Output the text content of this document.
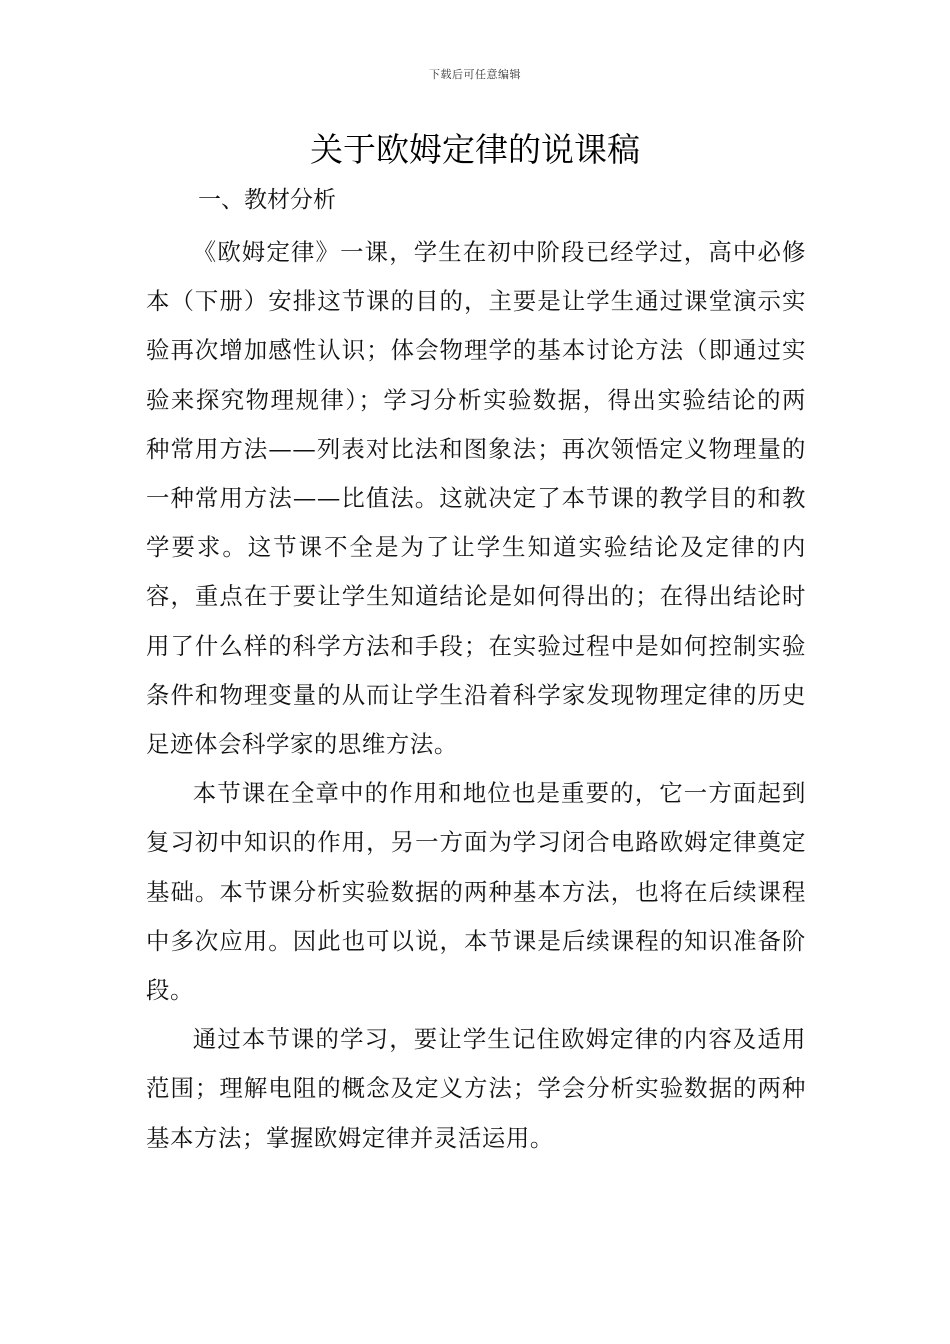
下载后可任意编辑
关于欧姆定律的说课稿
一、教材分析

《欧姆定律》一课，学生在初中阶段已经学过，高中必修本（下册）安排这节课的目的，主要是让学生通过课堂演示实验再次增加感性认识；体会物理学的基本讨论方法（即通过实验来探究物理规律）；学习分析实验数据，得出实验结论的两种常用方法——列表对比法和图象法；再次领悟定义物理量的一种常用方法——比值法。这就决定了本节课的教学目的和教学要求。这节课不全是为了让学生知道实验结论及定律的内容，重点在于要让学生知道结论是如何得出的；在得出结论时用了什么样的科学方法和手段；在实验过程中是如何控制实验条件和物理变量的从而让学生沿着科学家发现物理定律的历史足迹体会科学家的思维方法。

本节课在全章中的作用和地位也是重要的，它一方面起到复习初中知识的作用，另一方面为学习闭合电路欧姆定律奠定基础。本节课分析实验数据的两种基本方法，也将在后续课程中多次应用。因此也可以说，本节课是后续课程的知识准备阶段。

通过本节课的学习，要让学生记住欧姆定律的内容及适用范围；理解电阻的概念及定义方法；学会分析实验数据的两种基本方法；掌握欧姆定律并灵活运用。
